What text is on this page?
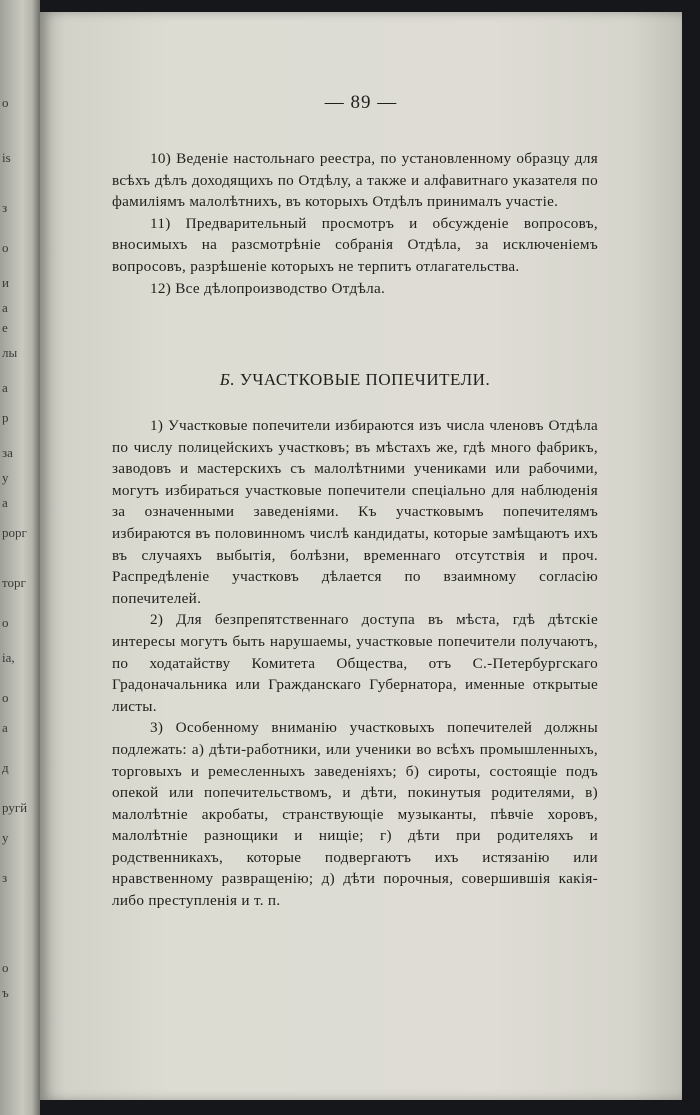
о
is
з
о
и
а
е
лы
а
р
за
у
а
рорг
торг
о
ia,
о
а
д
ругй
у
з
о
ъ
— 89 —

10) Веденіе настольнаго реестра, по установленному образцу для всѣхъ дѣлъ доходящихъ по Отдѣлу, а также и алфавитнаго указателя по фамиліямъ малолѣтнихъ, въ которыхъ Отдѣлъ принималъ участіе.

11) Предварительный просмотръ и обсужденіе вопросовъ, вносимыхъ на разсмотрѣніе собранія Отдѣла, за исключеніемъ вопросовъ, разрѣшеніе которыхъ не терпитъ отлагательства.

12) Все дѣлопроизводство Отдѣла.

Б. УЧАСТКОВЫЕ ПОПЕЧИТЕЛИ.

1) Участковые попечители избираются изъ числа членовъ Отдѣла по числу полицейскихъ участковъ; въ мѣстахъ же, гдѣ много фабрикъ, заводовъ и мастерскихъ съ малолѣтними учениками или рабочими, могутъ избираться участковые попечители спеціально для наблюденія за означенными заведеніями. Къ участковымъ попечителямъ избираются въ половинномъ числѣ кандидаты, которые замѣщаютъ ихъ въ случаяхъ выбытія, болѣзни, временнаго отсутствія и проч. Распредѣленіе участковъ дѣлается по взаимному согласію попечителей.

2) Для безпрепятственнаго доступа въ мѣста, гдѣ дѣтскіе интересы могутъ быть нарушаемы, участковые попечители получаютъ, по ходатайству Комитета Общества, отъ С.-Петербургскаго Градоначальника или Гражданскаго Губернатора, именные открытые листы.

3) Особенному вниманію участковыхъ попечителей должны подлежать: а) дѣти-работники, или ученики во всѣхъ промышленныхъ, торговыхъ и ремесленныхъ заведеніяхъ; б) сироты, состоящіе подъ опекой или попечительствомъ, и дѣти, покинутыя родителями, в) малолѣтніе акробаты, странствующіе музыканты, пѣвчіе хоровъ, малолѣтніе разнощики и нищіе; г) дѣти при родителяхъ и родственникахъ, которые подвергаютъ ихъ истязанію или нравственному развращенію; д) дѣти порочныя, совершившія какія-либо преступленія и т. п.
